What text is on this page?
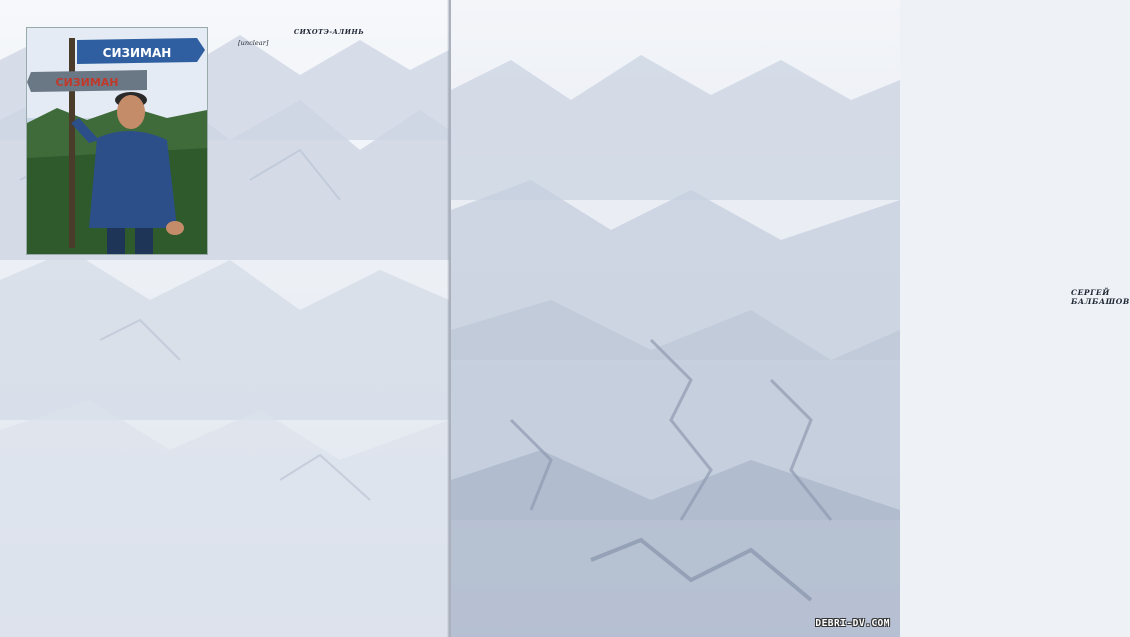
СИЗИМАН
СИЗИМАН

СИХОТЭ-АЛИНЬ

[unclear]

СЕРГЕЙ БАЛБАШОВ
DEBRI-DV.COM
